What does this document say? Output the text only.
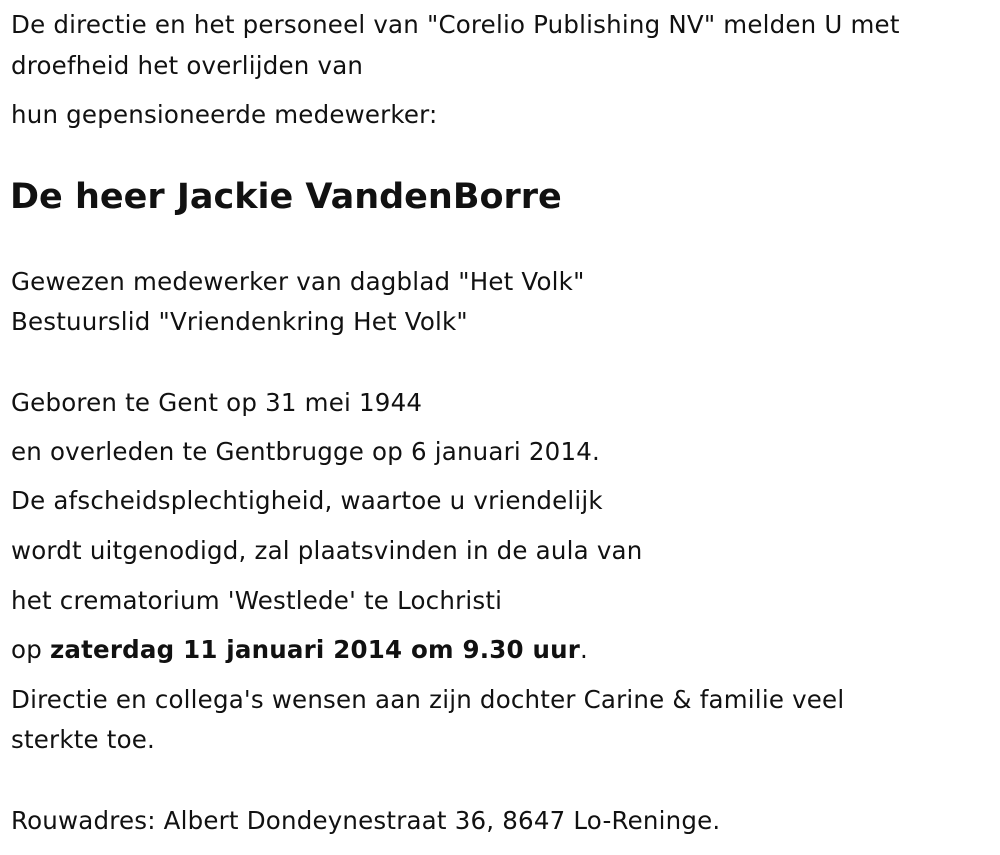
De directie en het personeel van "Corelio Publishing NV" melden U met
droefheid het overlijden van
hun gepensioneerde medewerker:
De heer Jackie VandenBorre
Gewezen medewerker van dagblad "Het Volk"
Bestuurslid "Vriendenkring Het Volk"
Geboren te Gent op 31 mei 1944
en overleden te Gentbrugge op 6 januari 2014.
De afscheidsplechtigheid, waartoe u vriendelijk
wordt uitgenodigd, zal plaatsvinden in de aula van
het crematorium 'Westlede' te Lochristi
op zaterdag 11 januari 2014 om 9.30 uur.
Directie en collega's wensen aan zijn dochter Carine & familie veel
sterkte toe.
Rouwadres: Albert Dondeynestraat 36, 8647 Lo-Reninge.
